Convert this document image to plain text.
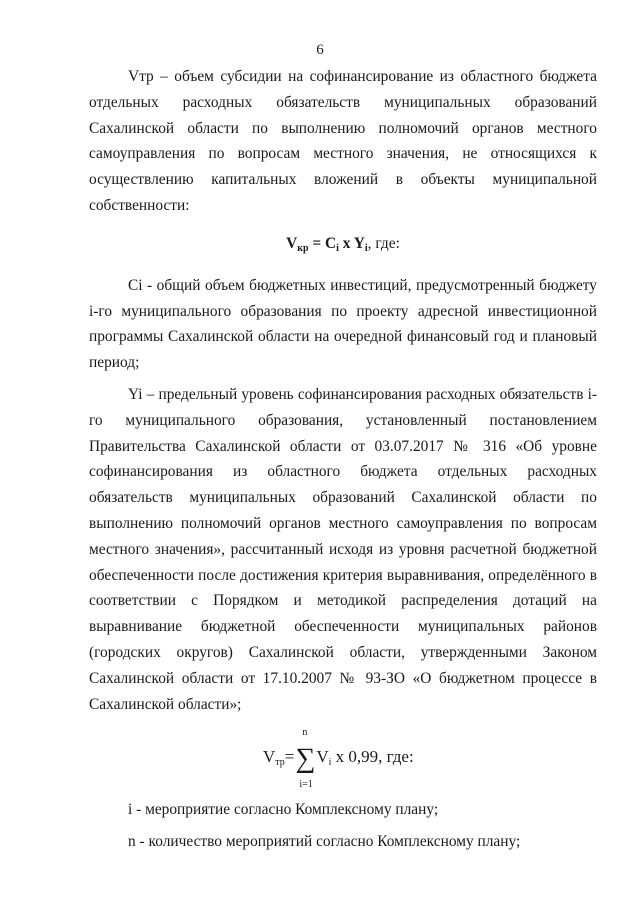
6

Vтр – объем субсидии на софинансирование из областного бюджета отдельных расходных обязательств муниципальных образований Сахалинской области по выполнению полномочий органов местного самоуправления по вопросам местного значения, не относящихся к осуществлению капитальных вложений в объекты муниципальной собственности:

$V_{кр} = C_i$ x $Y_i$, где:

Ci - общий объем бюджетных инвестиций, предусмотренный бюджету i-го муниципального образования по проекту адресной инвестиционной программы Сахалинской области на очередной финансовый год и плановый период;

Yi – предельный уровень софинансирования расходных обязательств i-го муниципального образования, установленный постановлением Правительства Сахалинской области от 03.07.2017 № 316 «Об уровне софинансирования из областного бюджета отдельных расходных обязательств муниципальных образований Сахалинской области по выполнению полномочий органов местного самоуправления по вопросам местного значения», рассчитанный исходя из уровня расчетной бюджетной обеспеченности после достижения критерия выравнивания, определённого в соответствии с Порядком и методикой распределения дотаций на выравнивание бюджетной обеспеченности муниципальных районов (городских округов) Сахалинской области, утвержденными Законом Сахалинской области от 17.10.2007 № 93-ЗО «О бюджетном процессе в Сахалинской области»;

$V_{тр}=\sum$
n
i=1
$V_i$ x 0,99, где:

i - мероприятие согласно Комплексному плану;

n - количество мероприятий согласно Комплексному плану;
